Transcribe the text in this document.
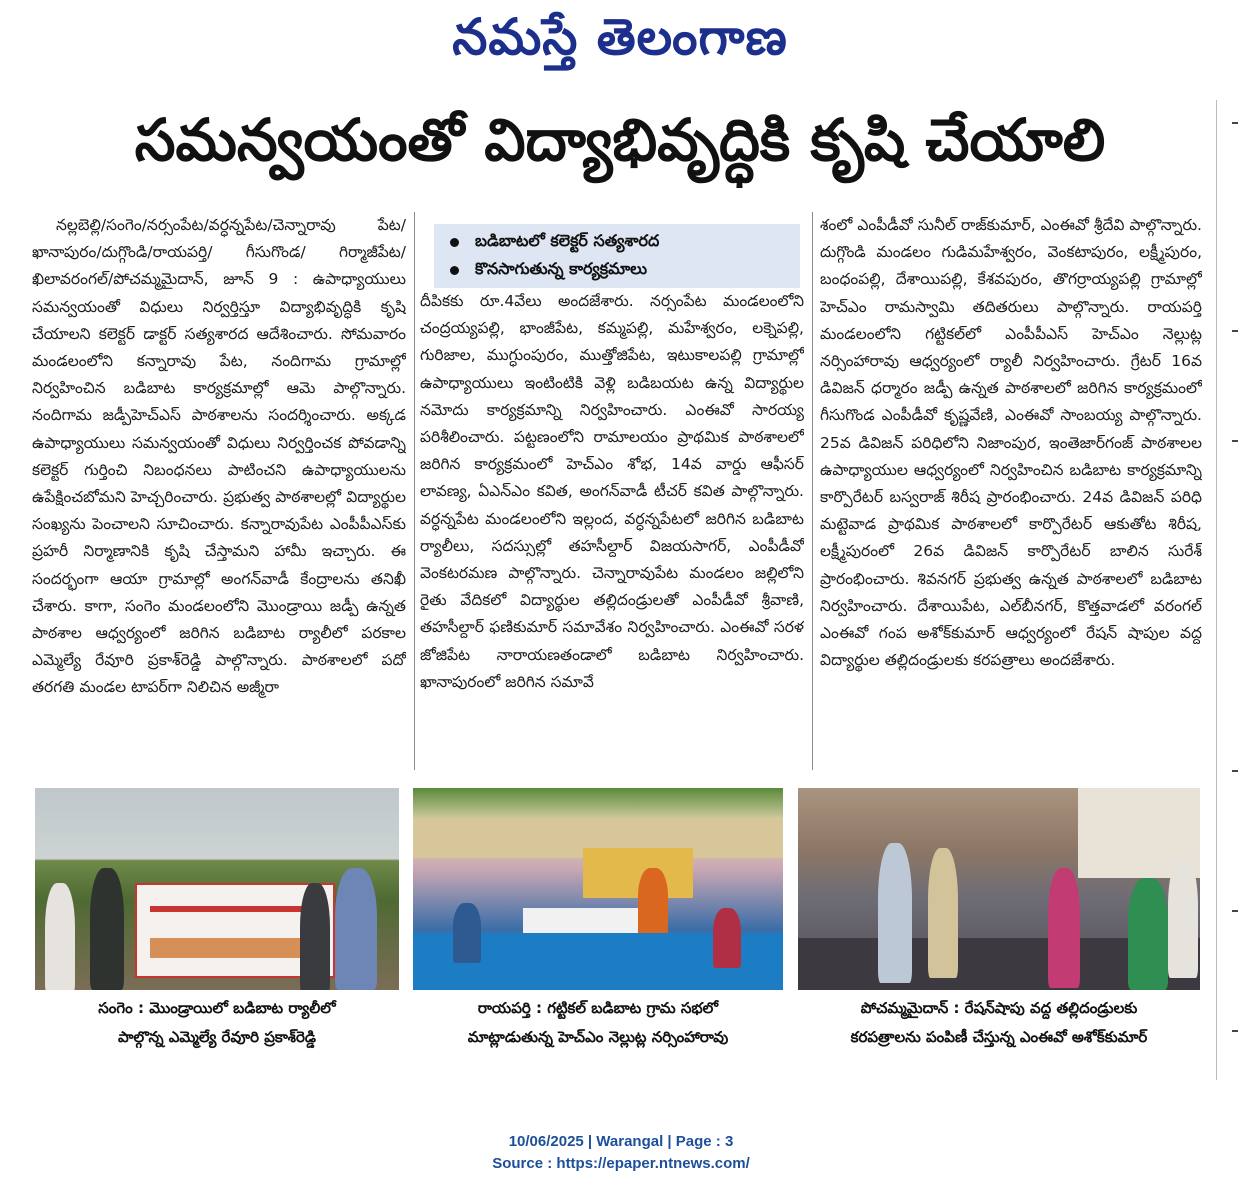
నమస్తే తెలంగాణ
సమన్వయంతో విద్యాభివృద్ధికి కృషి చేయాలి
నల్లబెల్లి/సంగెం/నర్సంపేట/వర్ధన్నపేట/చెన్నారావు పేట/ఖానాపురం/దుగ్గొండి/రాయపర్తి/ గీసుగొండ/ గిర్మాజీపేట/ఖిలావరంగల్/పోచమ్మమైదాన్, జూన్ 9 : ఉపాధ్యాయులు సమన్వయంతో విధులు నిర్వర్తిస్తూ విద్యాభివృద్ధికి కృషి చేయాలని కలెక్టర్ డాక్టర్ సత్యశారద ఆదేశించారు. సోమవారం మండలంలోని కన్నారావు పేట, నందిగామ గ్రామాల్లో నిర్వహించిన బడిబాట కార్యక్రమాల్లో ఆమె పాల్గొన్నారు. నందిగామ జడ్పీహెచ్ఎస్ పాఠశాలను సందర్శించారు. అక్కడ ఉపాధ్యాయులు సమన్వయంతో విధులు నిర్వర్తించక పోవడాన్ని కలెక్టర్ గుర్తించి నిబంధనలు పాటించని ఉపాధ్యాయులను ఉపేక్షించబోమని హెచ్చరించారు. ప్రభుత్వ పాఠశాలల్లో విద్యార్థుల సంఖ్యను పెంచాలని సూచించారు. కన్నారావుపేట ఎంపీపీఎస్‌కు ప్రహరీ నిర్మాణానికి కృషి చేస్తామని హామీ ఇచ్చారు. ఈ సందర్భంగా ఆయా గ్రామాల్లో అంగన్‌వాడీ కేంద్రాలను తనిఖీ చేశారు. కాగా, సంగెం మండలంలోని మొండ్రాయి జడ్పీ ఉన్నత పాఠశాల ఆధ్వర్యంలో జరిగిన బడిబాట ర్యాలీలో పరకాల ఎమ్మెల్యే రేవూరి ప్రకాశ్‌రెడ్డి పాల్గొన్నారు. పాఠశాలలో పదో తరగతి మండల టాపర్‌గా నిలిచిన అజ్మీరా
బడిబాటలో కలెక్టర్ సత్యశారద
కొనసాగుతున్న కార్యక్రమాలు
దీపికకు రూ.4వేలు అందజేశారు. నర్సంపేట మండలంలోని చంద్రయ్యపల్లి, భాంజీపేట, కమ్మపల్లి, మహేశ్వరం, లక్నెపల్లి, గురిజాల, ముగ్ధుంపురం, ముత్తోజిపేట, ఇటుకాలపల్లి గ్రామాల్లో ఉపాధ్యాయులు ఇంటింటికి వెళ్లి బడిబయట ఉన్న విద్యార్థుల నమోదు కార్యక్రమాన్ని నిర్వహించారు. ఎంఈవో సారయ్య పరిశీలించారు. పట్టణంలోని రామాలయం ప్రాథమిక పాఠశాలలో జరిగిన కార్యక్రమంలో హెచ్ఎం శోభ, 14వ వార్డు ఆఫీసర్ లావణ్య, ఏఎన్ఎం కవిత, అంగన్‌వాడీ టీచర్ కవిత పాల్గొన్నారు. వర్ధన్నపేట మండలంలోని ఇల్లంద, వర్ధన్నపేటలో జరిగిన బడిబాట ర్యాలీలు, సదస్సుల్లో తహసీల్దార్ విజయసాగర్, ఎంపీడీవో వెంకటరమణ పాల్గొన్నారు. చెన్నారావుపేట మండలం జల్లిలోని రైతు వేదికలో విద్యార్థుల తల్లిదండ్రులతో ఎంపీడీవో శ్రీవాణి, తహసీల్దార్ ఫణికుమార్ సమావేశం నిర్వహించారు. ఎంఈవో సరళ జోజిపేట నారాయణతండాలో బడిబాట నిర్వహించారు. ఖానాపురంలో జరిగిన సమావే
శంలో ఎంపీడీవో సునీల్ రాజ్‌కుమార్, ఎంఈవో శ్రీదేవి పాల్గొన్నారు. దుగ్గొండి మండలం గుడిమహేశ్వరం, వెంకటాపురం, లక్ష్మీపురం, బంధంపల్లి, దేశాయిపల్లి, కేశవపురం, తొగర్రాయ్యపల్లి గ్రామాల్లో హెచ్ఎం రామస్వామి తదితరులు పాల్గొన్నారు. రాయపర్తి మండలంలోని గట్టికల్‌లో ఎంపీపీఎస్ హెచ్ఎం నెల్లుట్ల నర్సింహారావు ఆధ్వర్యంలో ర్యాలీ నిర్వహించారు. గ్రేటర్ 16వ డివిజన్ ధర్మారం జడ్పీ ఉన్నత పాఠశాలలో జరిగిన కార్యక్రమంలో గీసుగొండ ఎంపీడీవో కృష్ణవేణి, ఎంఈవో సాంబయ్య పాల్గొన్నారు. 25వ డివిజన్ పరిధిలోని నిజాంపుర, ఇంతెజార్‌గంజ్ పాఠశాలల ఉపాధ్యాయుల ఆధ్వర్యంలో నిర్వహించిన బడిబాట కార్యక్రమాన్ని కార్పొరేటర్ బస్వరాజ్ శిరీష ప్రారంభించారు. 24వ డివిజన్ పరిధి మట్టెవాడ ప్రాథమిక పాఠశాలలో కార్పొరేటర్ ఆకుతోట శిరీష, లక్ష్మీపురంలో 26వ డివిజన్ కార్పొరేటర్ బాలిన సురేశ్ ప్రారంభించారు. శివనగర్ ప్రభుత్వ ఉన్నత పాఠశాలలో బడిబాట నిర్వహించారు. దేశాయిపేట, ఎల్‌బీనగర్, కొత్తవాడలో వరంగల్ ఎంఈవో గంప అశోక్‌కుమార్ ఆధ్వర్యంలో రేషన్ షాపుల వద్ద విద్యార్థుల తల్లిదండ్రులకు కరపత్రాలు అందజేశారు.
సంగెం : మొండ్రాయిలో బడిబాట ర్యాలీలో
పాల్గొన్న ఎమ్మెల్యే రేవూరి ప్రకాశ్‌రెడ్డి
రాయపర్తి : గట్టికల్ బడిబాట గ్రామ సభలో
మాట్లాడుతున్న హెచ్ఎం నెల్లుట్ల నర్సింహారావు
పోచమ్మమైదాన్ : రేషన్‌షాపు వద్ద తల్లిదండ్రులకు
కరపత్రాలను పంపిణీ చేస్తున్న ఎంఈవో అశోక్‌కుమార్
10/06/2025 | Warangal | Page : 3
Source : https://epaper.ntnews.com/
